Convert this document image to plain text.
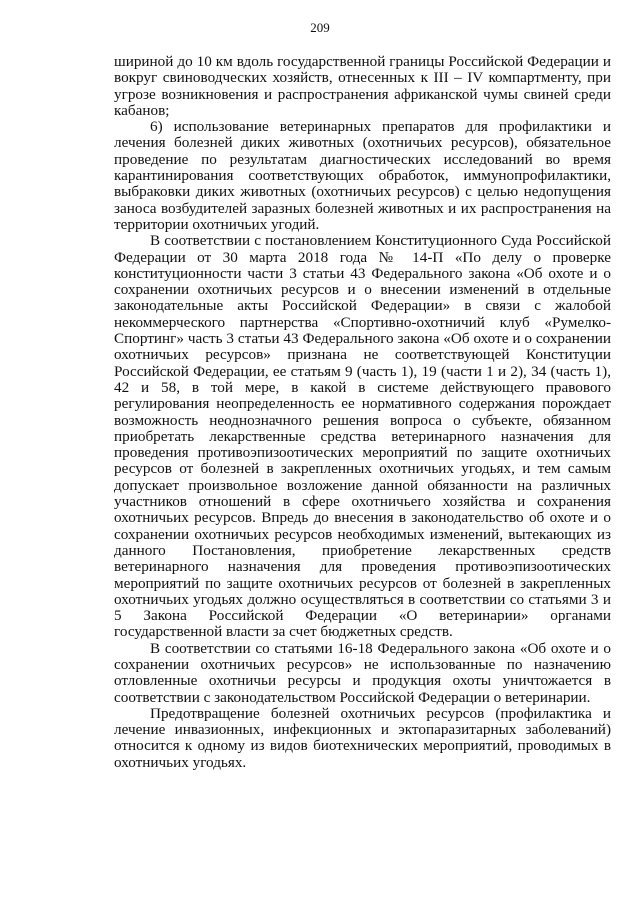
209

шириной до 10 км вдоль государственной границы Российской Федерации и вокруг свиноводческих хозяйств, отнесенных к III – IV компартменту, при угрозе возникновения и распространения африканской чумы свиней среди кабанов;

6) использование ветеринарных препаратов для профилактики и лечения болезней диких животных (охотничьих ресурсов), обязательное проведение по результатам диагностических исследований во время карантинирования соответствующих обработок, иммунопрофилактики, выбраковки диких животных (охотничьих ресурсов) с целью недопущения заноса возбудителей заразных болезней животных и их распространения на территории охотничьих угодий.

В соответствии с постановлением Конституционного Суда Российской Федерации от 30 марта 2018 года № 14-П «По делу о проверке конституционности части 3 статьи 43 Федерального закона «Об охоте и о сохранении охотничьих ресурсов и о внесении изменений в отдельные законодательные акты Российской Федерации» в связи с жалобой некоммерческого партнерства «Спортивно-охотничий клуб «Румелко-Спортинг» часть 3 статьи 43 Федерального закона «Об охоте и о сохранении охотничьих ресурсов» признана не соответствующей Конституции Российской Федерации, ее статьям 9 (часть 1), 19 (части 1 и 2), 34 (часть 1), 42 и 58, в той мере, в какой в системе действующего правового регулирования неопределенность ее нормативного содержания порождает возможность неоднозначного решения вопроса о субъекте, обязанном приобретать лекарственные средства ветеринарного назначения для проведения противоэпизоотических мероприятий по защите охотничьих ресурсов от болезней в закрепленных охотничьих угодьях, и тем самым допускает произвольное возложение данной обязанности на различных участников отношений в сфере охотничьего хозяйства и сохранения охотничьих ресурсов. Впредь до внесения в законодательство об охоте и о сохранении охотничьих ресурсов необходимых изменений, вытекающих из данного Постановления, приобретение лекарственных средств ветеринарного назначения для проведения противоэпизоотических мероприятий по защите охотничьих ресурсов от болезней в закрепленных охотничьих угодьях должно осуществляться в соответствии со статьями 3 и 5 Закона Российской Федерации «О ветеринарии» органами государственной власти за счет бюджетных средств.

В соответствии со статьями 16-18 Федерального закона «Об охоте и о сохранении охотничьих ресурсов» не использованные по назначению отловленные охотничьи ресурсы и продукция охоты уничтожается в соответствии с законодательством Российской Федерации о ветеринарии.

Предотвращение болезней охотничьих ресурсов (профилактика и лечение инвазионных, инфекционных и эктопаразитарных заболеваний) относится к одному из видов биотехнических мероприятий, проводимых в охотничьих угодьях.
